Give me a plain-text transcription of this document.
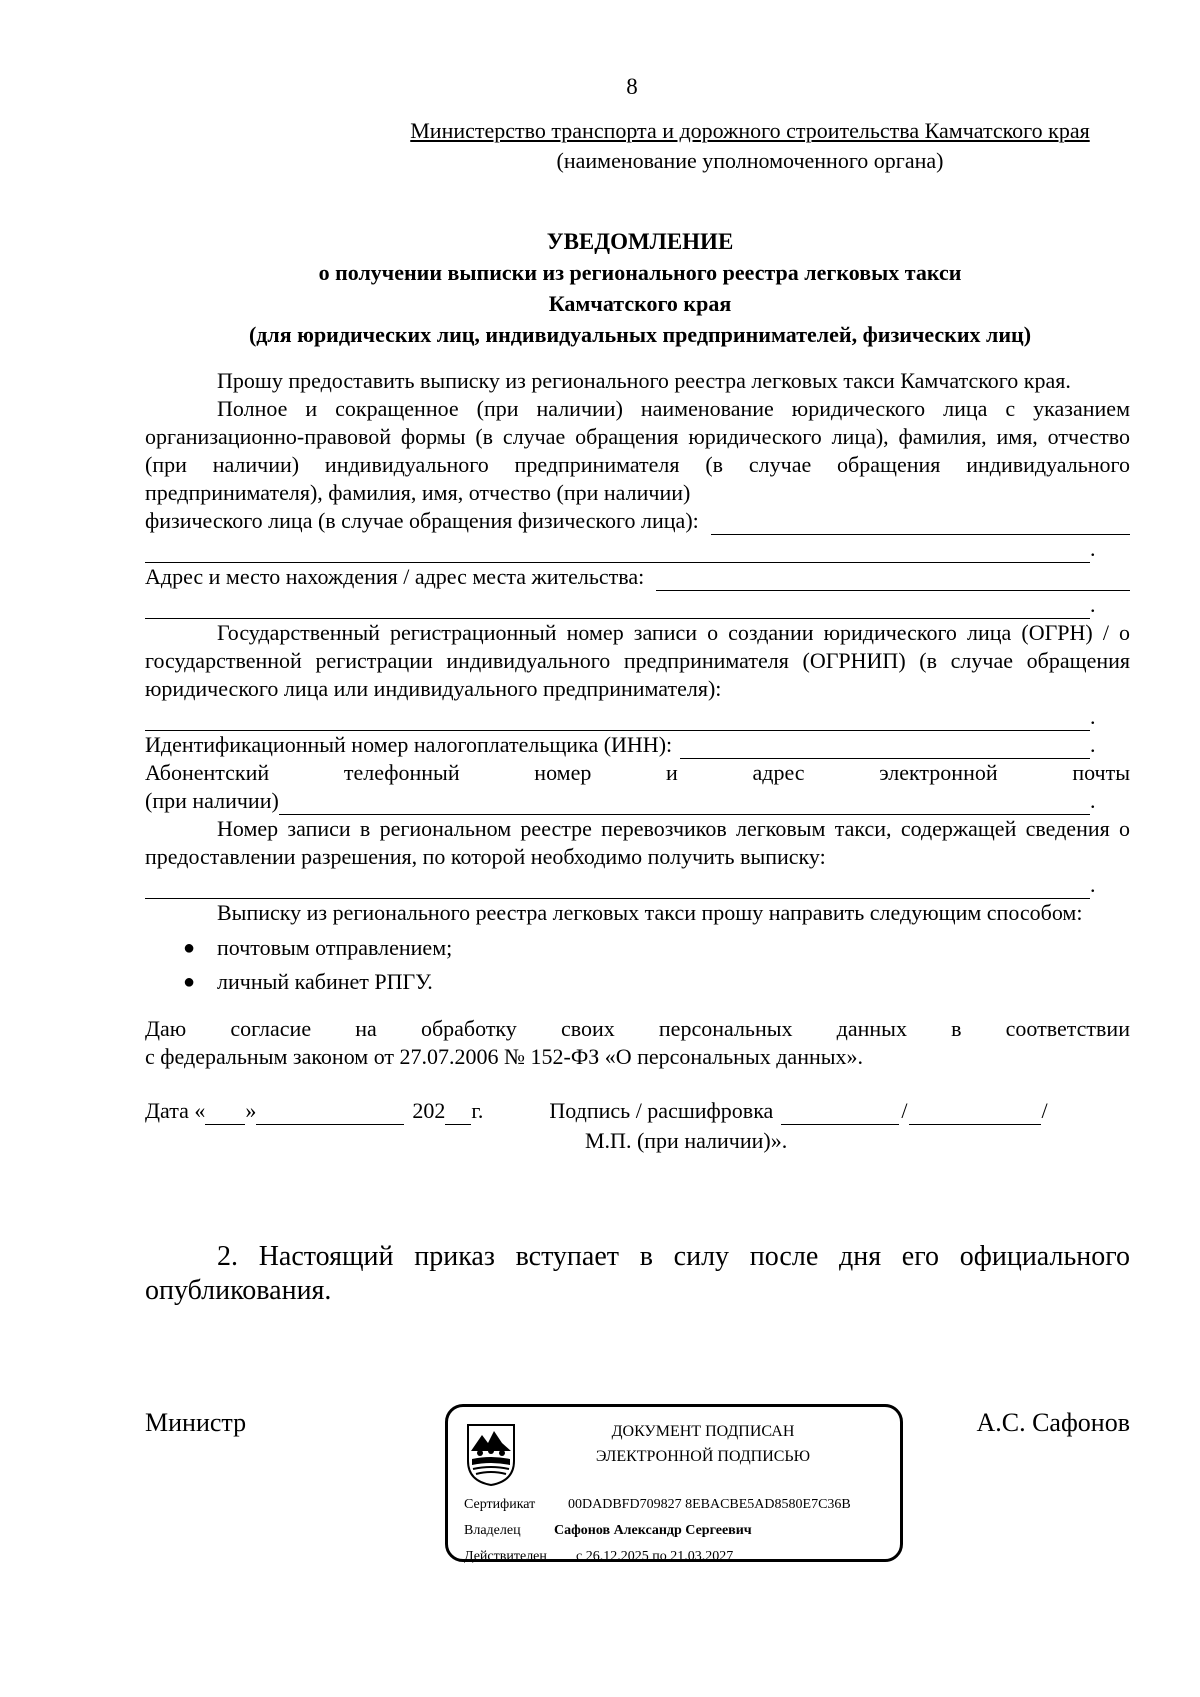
8
Министерство транспорта и дорожного строительства Камчатского края
(наименование уполномоченного органа)
УВЕДОМЛЕНИЕ
о получении выписки из регионального реестра легковых такси
Камчатского края
(для юридических лиц, индивидуальных предпринимателей, физических лиц)
Прошу предоставить выписку из регионального реестра легковых такси Камчатского края.
Полное и сокращенное (при наличии) наименование юридического лица с указанием организационно-правовой формы (в случае обращения юридического лица), фамилия, имя, отчество (при наличии) индивидуального предпринимателя (в случае обращения индивидуального предпринимателя), фамилия, имя, отчество (при наличии)
физического лица (в случае обращения физического лица):
.
Адрес и место нахождения / адрес места жительства:
.
Государственный регистрационный номер записи о создании юридического лица (ОГРН) / о государственной регистрации индивидуального предпринимателя (ОГРНИП) (в случае обращения юридического лица или индивидуального предпринимателя):
.
Идентификационный номер налогоплательщика (ИНН):	.
Абонентский	телефонный	номер	и	адрес	электронной	почты
(при наличии)	.
Номер записи в региональном реестре перевозчиков легковым такси, содержащей сведения о предоставлении разрешения, по которой необходимо получить выписку:
.
Выписку из регионального реестра легковых такси прошу направить следующим способом:
● почтовым отправлением;
● личный кабинет РПГУ.
Даю согласие на обработку своих персональных данных в соответствии
с федеральным законом от 27.07.2006 № 152-ФЗ «О персональных данных».
Дата « »	202 г.	Подпись / расшифровка	/	/
М.П. (при наличии)».
2. Настоящий приказ вступает в силу после дня его официального опубликования.
Министр	А.С. Сафонов
ДОКУМЕНТ ПОДПИСАН
ЭЛЕКТРОННОЙ ПОДПИСЬЮ
Сертификат 00DADBFD709827 8EBACBE5AD8580E7C36B
Владелец Сафонов Александр Сергеевич
Действителен с 26.12.2025 по 21.03.2027
